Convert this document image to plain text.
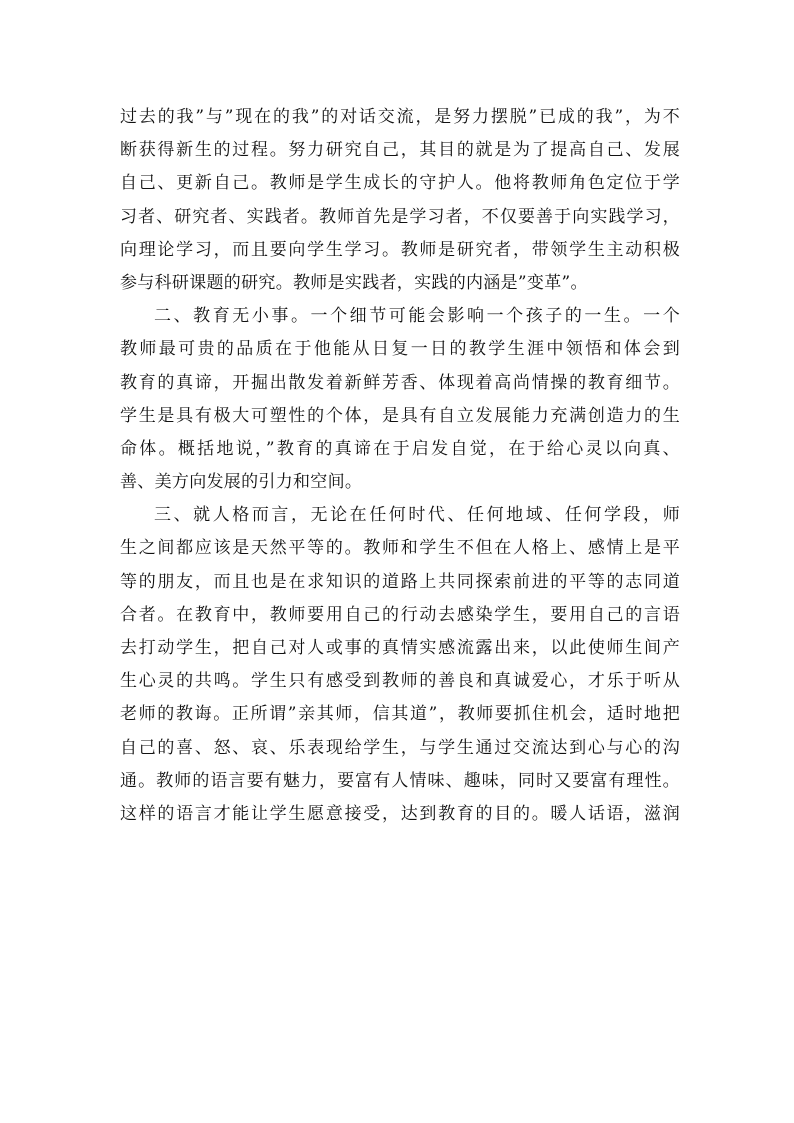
过去的我”与”现在的我”的对话交流，是努力摆脱”已成的我”，为不
断获得新生的过程。努力研究自己，其目的就是为了提高自己、发展
自己、更新自己。教师是学生成长的守护人。他将教师角色定位于学
习者、研究者、实践者。教师首先是学习者，不仅要善于向实践学习，
向理论学习，而且要向学生学习。教师是研究者，带领学生主动积极
参与科研课题的研究。教师是实践者，实践的内涵是”变革”。
二、教育无小事。一个细节可能会影响一个孩子的一生。一个
教师最可贵的品质在于他能从日复一日的教学生涯中领悟和体会到
教育的真谛，开掘出散发着新鲜芳香、体现着高尚情操的教育细节。
学生是具有极大可塑性的个体，是具有自立发展能力充满创造力的生
命体。概括地说，”教育的真谛在于启发自觉，在于给心灵以向真、
善、美方向发展的引力和空间。
三、就人格而言，无论在任何时代、任何地域、任何学段，师
生之间都应该是天然平等的。教师和学生不但在人格上、感情上是平
等的朋友，而且也是在求知识的道路上共同探索前进的平等的志同道
合者。在教育中，教师要用自己的行动去感染学生，要用自己的言语
去打动学生，把自己对人或事的真情实感流露出来，以此使师生间产
生心灵的共鸣。学生只有感受到教师的善良和真诚爱心，才乐于听从
老师的教诲。正所谓”亲其师，信其道”，教师要抓住机会，适时地把
自己的喜、怒、哀、乐表现给学生，与学生通过交流达到心与心的沟
通。教师的语言要有魅力，要富有人情味、趣味，同时又要富有理性。
这样的语言才能让学生愿意接受，达到教育的目的。暖人话语，滋润
